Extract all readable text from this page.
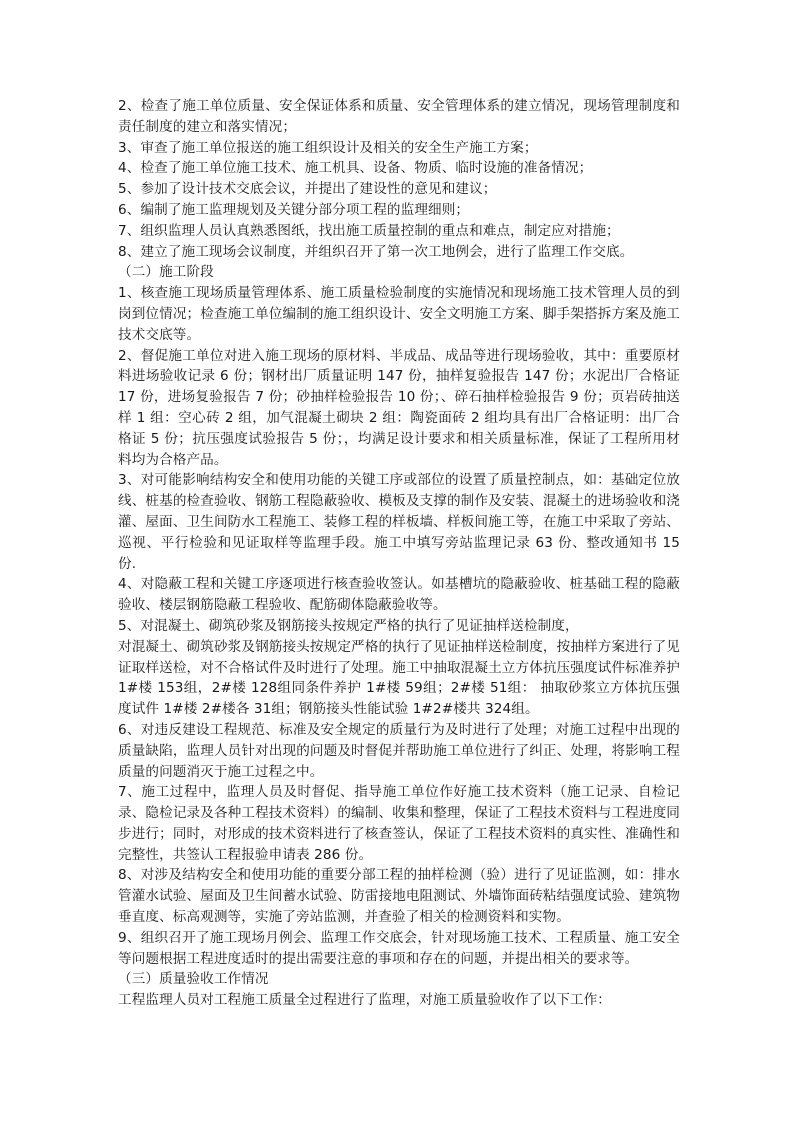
2、检查了施工单位质量、安全保证体系和质量、安全管理体系的建立情况，现场管理制度和责任制度的建立和落实情况；

3、审查了施工单位报送的施工组织设计及相关的安全生产施工方案；

4、检查了施工单位施工技术、施工机具、设备、物质、临时设施的准备情况；

5、参加了设计技术交底会议，并提出了建设性的意见和建议；

6、编制了施工监理规划及关键分部分项工程的监理细则；

7、组织监理人员认真熟悉图纸，找出施工质量控制的重点和难点，制定应对措施；

8、建立了施工现场会议制度，并组织召开了第一次工地例会，进行了监理工作交底。

（二）施工阶段

1、核查施工现场质量管理体系、施工质量检验制度的实施情况和现场施工技术管理人员的到岗到位情况；检查施工单位编制的施工组织设计、安全文明施工方案、脚手架搭拆方案及施工技术交底等。

2、督促施工单位对进入施工现场的原材料、半成品、成品等进行现场验收，其中：重要原材料进场验收记录 6 份；钢材出厂质量证明 147 份，抽样复验报告 147 份；水泥出厂合格证 17 份，进场复验报告 7 份；砂抽样检验报告 10 份；、碎石抽样检验报告 9 份；页岩砖抽送样 1 组：空心砖 2 组，加气混凝土砌块 2 组：陶瓷面砖 2 组均具有出厂合格证明：出厂合格证 5 份；抗压强度试验报告 5 份；，均满足设计要求和相关质量标准，保证了工程所用材料均为合格产品。

3、对可能影响结构安全和使用功能的关键工序或部位的设置了质量控制点，如：基础定位放线、桩基的检查验收、钢筋工程隐蔽验收、模板及支撑的制作及安装、混凝土的进场验收和浇灌、屋面、卫生间防水工程施工、装修工程的样板墙、样板间施工等，在施工中采取了旁站、巡视、平行检验和见证取样等监理手段。施工中填写旁站监理记录 63 份、整改通知书 15 份.

4、对隐蔽工程和关键工序逐项进行核查验收签认。如基槽坑的隐蔽验收、桩基础工程的隐蔽验收、楼层钢筋隐蔽工程验收、配筋砌体隐蔽验收等。

5、对混凝土、砌筑砂浆及钢筋接头按规定严格的执行了见证抽样送检制度，

对混凝土、砌筑砂浆及钢筋接头按规定严格的执行了见证抽样送检制度，按抽样方案进行了见证取样送检，对不合格试件及时进行了处理。施工中抽取混凝土立方体抗压强度试件标准养护 1#楼 153组，2#楼 128组同条件养护 1#楼 59组；2#楼 51组： 抽取砂浆立方体抗压强度试件 1#楼 2#楼各 31组；钢筋接头性能试验 1#2#楼共 324组。

6、对违反建设工程规范、标准及安全规定的质量行为及时进行了处理；对施工过程中出现的质量缺陷，监理人员针对出现的问题及时督促并帮助施工单位进行了纠正、处理，将影响工程质量的问题消灭于施工过程之中。

7、施工过程中，监理人员及时督促、指导施工单位作好施工技术资料（施工记录、自检记录、隐检记录及各种工程技术资料）的编制、收集和整理，保证了工程技术资料与工程进度同步进行；同时，对形成的技术资料进行了核查签认，保证了工程技术资料的真实性、准确性和完整性，共签认工程报验申请表 286 份。

8、对涉及结构安全和使用功能的重要分部工程的抽样检测（验）进行了见证监测，如：排水管灌水试验、屋面及卫生间蓄水试验、防雷接地电阻测试、外墙饰面砖粘结强度试验、建筑物垂直度、标高观测等，实施了旁站监测，并查验了相关的检测资料和实物。

9、组织召开了施工现场月例会、监理工作交底会，针对现场施工技术、工程质量、施工安全等问题根据工程进度适时的提出需要注意的事项和存在的问题，并提出相关的要求等。

（三）质量验收工作情况

工程监理人员对工程施工质量全过程进行了监理，对施工质量验收作了以下工作：
